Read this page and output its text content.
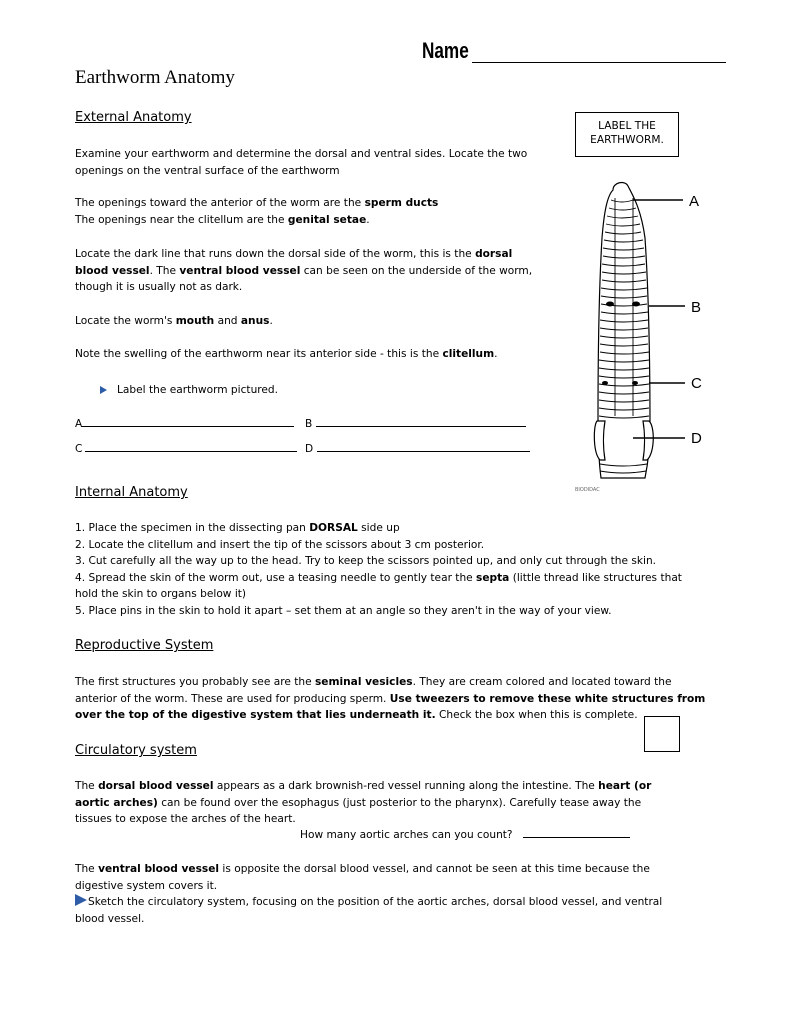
Name
Earthworm Anatomy
LABEL THE
EARTHWORM.
External Anatomy
Examine your earthworm and determine the dorsal and ventral sides. Locate the two
openings on the ventral surface of the earthworm
The openings toward the anterior of the worm are the sperm ducts
The openings near the clitellum are the genital setae.
Locate the dark line that runs down the dorsal side of the worm, this is the dorsal
blood vessel. The ventral blood vessel can be seen on the underside of the worm,
though it is usually not as dark.
Locate the worm's mouth and anus.
Note the swelling of the earthworm near its anterior side - this is the clitellum.
Label the earthworm pictured.
A	B
C	D
A
B
C
D
BIODIDAC
Internal Anatomy
1. Place the specimen in the dissecting pan DORSAL side up
2. Locate the clitellum and insert the tip of the scissors about 3 cm posterior.
3. Cut carefully all the way up to the head. Try to keep the scissors pointed up, and only cut through the skin.
4. Spread the skin of the worm out, use a teasing needle to gently tear the septa (little thread like structures that
hold the skin to organs below it)
5. Place pins in the skin to hold it apart – set them at an angle so they aren't in the way of your view.
Reproductive System
The first structures you probably see are the seminal vesicles. They are cream colored and located toward the
anterior of the worm. These are used for producing sperm. Use tweezers to remove these white structures from
over the top of the digestive system that lies underneath it. Check the box when this is complete.
Circulatory system
The dorsal blood vessel appears as a dark brownish-red vessel running along the intestine. The heart (or
aortic arches) can be found over the esophagus (just posterior to the pharynx). Carefully tease away the
tissues to expose the arches of the heart.
How many aortic arches can you count?
The ventral blood vessel is opposite the dorsal blood vessel, and cannot be seen at this time because the
digestive system covers it.
Sketch the circulatory system, focusing on the position of the aortic arches, dorsal blood vessel, and ventral
blood vessel.
